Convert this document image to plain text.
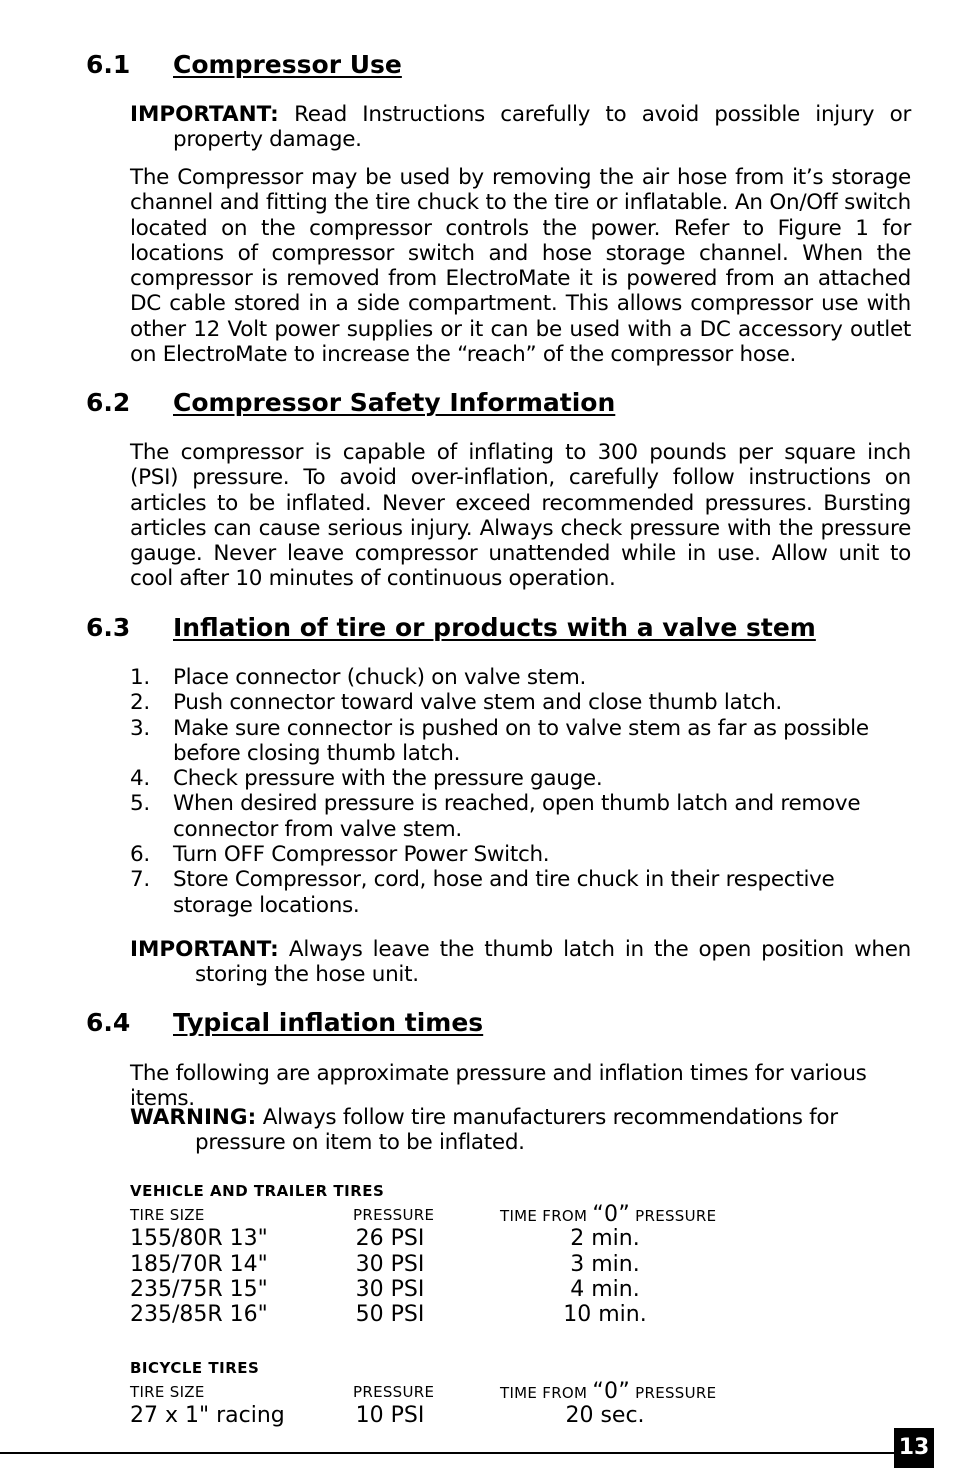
6.1 Compressor Use

IMPORTANT: Read Instructions carefully to avoid possible injury or property damage.

The Compressor may be used by removing the air hose from it’s storage channel and fitting the tire chuck to the tire or inflatable. An On/Off switch located on the compressor controls the power. Refer to Figure 1 for locations of compressor switch and hose storage channel. When the compressor is removed from ElectroMate it is powered from an attached DC cable stored in a side compartment. This allows compressor use with other 12 Volt power supplies or it can be used with a DC accessory outlet on ElectroMate to increase the “reach” of the compressor hose.

6.2 Compressor Safety Information

The compressor is capable of inflating to 300 pounds per square inch (PSI) pressure. To avoid over-inflation, carefully follow instructions on articles to be inflated. Never exceed recommended pressures. Bursting articles can cause serious injury. Always check pressure with the pressure gauge. Never leave compressor unattended while in use. Allow unit to cool after 10 minutes of continuous operation.

6.3 Inflation of tire or products with a valve stem
1. Place connector (chuck) on valve stem.
2. Push connector toward valve stem and close thumb latch.
3. Make sure connector is pushed on to valve stem as far as possible before closing thumb latch.
4. Check pressure with the pressure gauge.
5. When desired pressure is reached, open thumb latch and remove connector from valve stem.
6. Turn OFF Compressor Power Switch.
7. Store Compressor, cord, hose and tire chuck in their respective storage locations.

IMPORTANT: Always leave the thumb latch in the open position when storing the hose unit.

6.4 Typical inflation times

The following are approximate pressure and inflation times for various items.

WARNING: Always follow tire manufacturers recommendations for pressure on item to be inflated.

VEHICLE AND TRAILER TIRES
TIRE SIZE	PRESSURE	TIME FROM “0” PRESSURE
155/80R 13"	26 PSI	2 min.
185/70R 14"	30 PSI	3 min.
235/75R 15"	30 PSI	4 min.
235/85R 16"	50 PSI	10 min.
BICYCLE TIRES
TIRE SIZE	PRESSURE	TIME FROM “0” PRESSURE
27 x 1" racing	10 PSI	20 sec.
13
